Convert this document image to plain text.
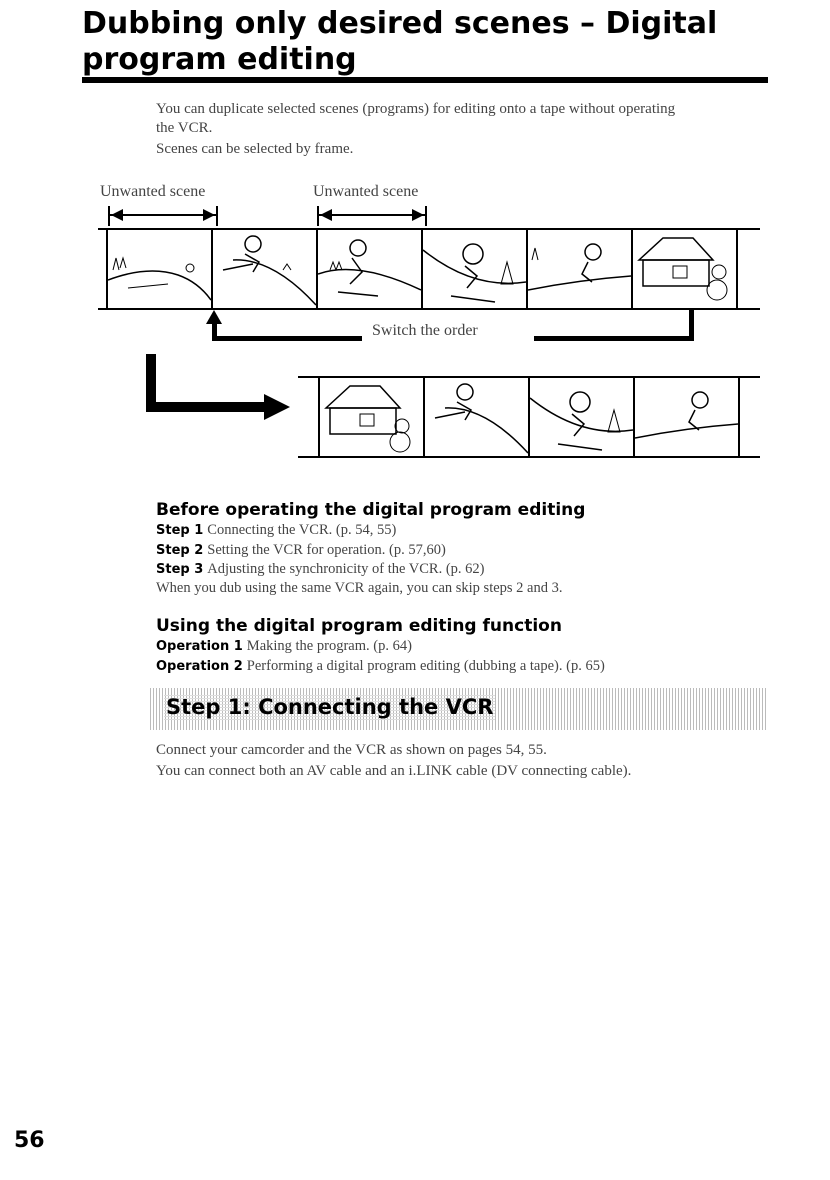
Dubbing only desired scenes – Digital program editing
You can duplicate selected scenes (programs) for editing onto a tape without operating
the VCR.
Scenes can be selected by frame.
Unwanted scene	Unwanted scene
Switch the order
Before operating the digital program editing
Step 1 Connecting the VCR. (p. 54, 55)
Step 2 Setting the VCR for operation. (p. 57,60)
Step 3 Adjusting the synchronicity of the VCR. (p. 62)
When you dub using the same VCR again, you can skip steps 2 and 3.
Using the digital program editing function
Operation 1 Making the program. (p. 64)
Operation 2 Performing a digital program editing (dubbing a tape). (p. 65)
Step 1: Connecting the VCR
Connect your camcorder and the VCR as shown on pages 54, 55.
You can connect both an AV cable and an i.LINK cable (DV connecting cable).
56
